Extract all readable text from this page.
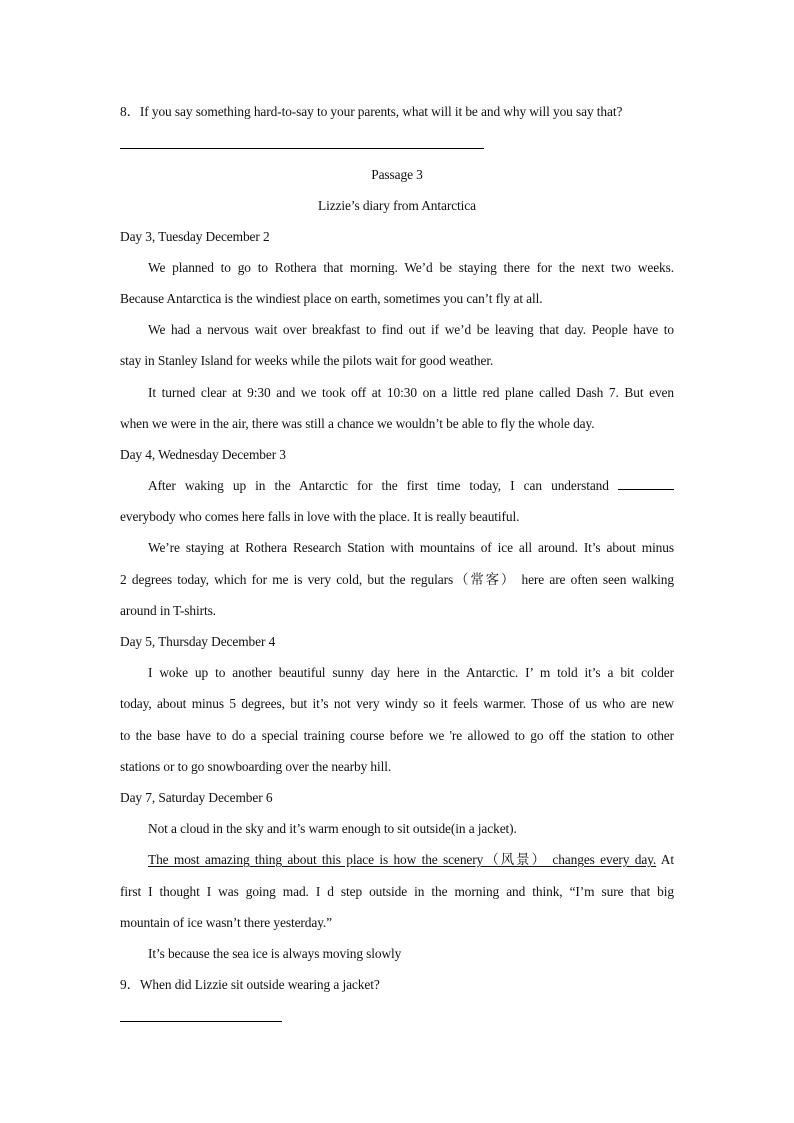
8．If you say something hard-to-say to your parents, what will it be and why will you say that?
Passage 3
Lizzie’s diary from Antarctica
Day 3, Tuesday December 2
We planned to go to Rothera that morning. We’d be staying there for the next two weeks.
Because Antarctica is the windiest place on earth, sometimes you can’t fly at all.
We had a nervous wait over breakfast to find out if we’d be leaving that day. People have to
stay in Stanley Island for weeks while the pilots wait for good weather.
It turned clear at 9:30 and we took off at 10:30 on a little red plane called Dash 7. But even
when we were in the air, there was still a chance we wouldn’t be able to fly the whole day.
Day 4, Wednesday December 3
After waking up in the Antarctic for the first time today, I can understand
everybody who comes here falls in love with the place. It is really beautiful.
We’re staying at Rothera Research Station with mountains of ice all around. It’s about minus
2 degrees today, which for me is very cold, but the regulars（常客） here are often seen walking
around in T-shirts.
Day 5, Thursday December 4
I woke up to another beautiful sunny day here in the Antarctic. I’ m told it’s a bit colder
today, about minus 5 degrees, but it’s not very windy so it feels warmer. Those of us who are new
to the base have to do a special training course before we 're allowed to go off the station to other
stations or to go snowboarding over the nearby hill.
Day 7, Saturday December 6
Not a cloud in the sky and it’s warm enough to sit outside(in a jacket).
The most amazing thing about this place is how the scenery（风景） changes every day. At
first I thought I was going mad. I d step outside in the morning and think, “I’m sure that big
mountain of ice wasn’t there yesterday.”
It’s because the sea ice is always moving slowly
9．When did Lizzie sit outside wearing a jacket?
